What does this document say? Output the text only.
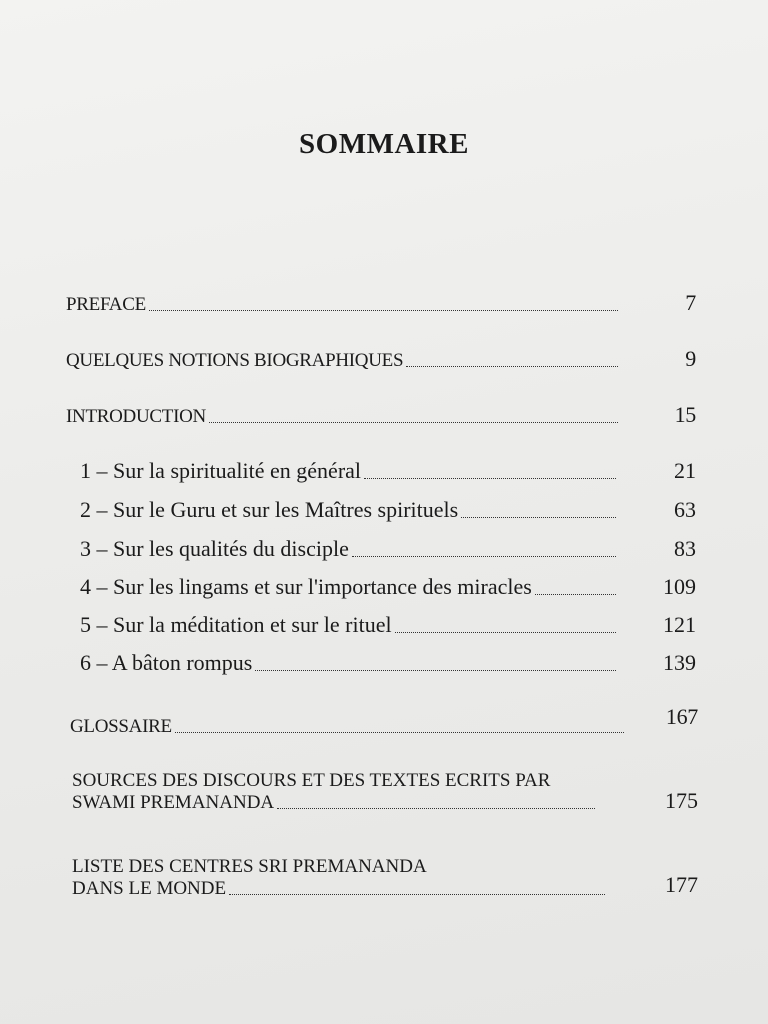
SOMMAIRE
PREFACE	7
QUELQUES NOTIONS BIOGRAPHIQUES	9
INTRODUCTION	15
1 – Sur la spiritualité en général	21
2 – Sur le Guru et sur les Maîtres spirituels	63
3 – Sur les qualités du disciple	83
4 – Sur les lingams et sur l'importance des miracles	109
5 – Sur la méditation et sur le rituel	121
6 – A bâton rompus	139
GLOSSAIRE	167
SOURCES DES DISCOURS ET DES TEXTES ECRITS PAR
SWAMI PREMANANDA	175
LISTE DES CENTRES SRI PREMANANDA
DANS LE MONDE	177
